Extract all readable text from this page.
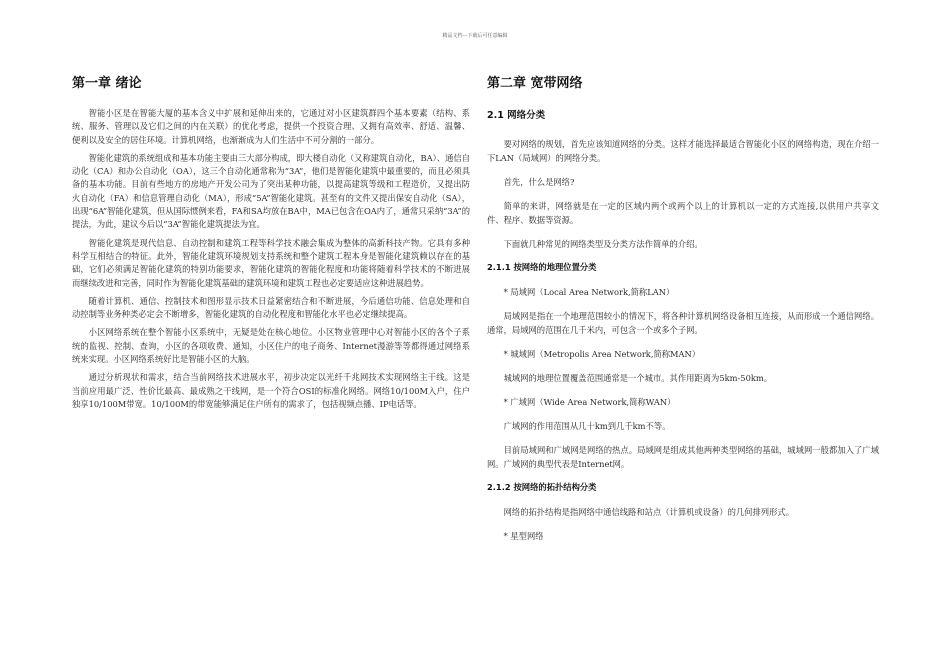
精品文档---下载后可任意编辑
第一章 绪论

智能小区是在智能大厦的基本含义中扩展和延伸出来的，它通过对小区建筑群四个基本要素（结构、系统、服务、管理以及它们之间的内在关联）的优化考虑，提供一个投资合理、又拥有高效率、舒适、温馨、便利以及安全的居住环境。计算机网络，也渐渐成为人们生活中不可分割的一部分。

智能化建筑的系统组成和基本功能主要由三大部分构成，即大楼自动化（又称建筑自动化，BA）、通信自动化（CA）和办公自动化（OA），这三个自动化通常称为“3A”，他们是智能化建筑中最重要的，而且必须具备的基本功能。目前有些地方的房地产开发公司为了突出某种功能，以提高建筑等级和工程造价，又提出防火自动化（FA）和信息管理自动化（MA），形成“5A”智能化建筑。甚至有的文件又提出保安自动化（SA），出现“6A”智能化建筑，但从国际惯例来看，FA和SA均放在BA中，MA已包含在OA内了，通常只采纳“3A”的提法，为此，建议今后以“3A”智能化建筑提法为宜。

智能化建筑是现代信息、自动控制和建筑工程等科学技术融会集成为整体的高新科技产物。它具有多种科学互相结合的特征。此外，智能化建筑环境规划支持系统和整个建筑工程本身是智能化建筑赖以存在的基础，它们必须满足智能化建筑的特别功能要求，智能化建筑的智能化程度和功能将随着科学技术的不断进展而继续改进和完善，同时作为智能化建筑基础的建筑环境和建筑工程也必定要适应这种进展趋势。

随着计算机、通信、控制技术和图形显示技术日益紧密结合和不断进展，今后通信功能、信息处理和自动控制等业务种类必定会不断增多，智能化建筑的自动化程度和智能化水平也必定继续提高。

小区网络系统在整个智能小区系统中，无疑是处在核心地位。小区物业管理中心对智能小区的各个子系统的监视、控制、查询，小区的各项收费、通知，小区住户的电子商务、Internet漫游等等都得通过网络系统来实现。小区网络系统好比是智能小区的大脑。

通过分析现状和需求，结合当前网络技术进展水平，初步决定以光纤千兆网技术实现网络主干线。这是当前应用最广泛、性价比最高、最成熟之干线网，是一个符合OSI的标准化网络。网络10/100M入户，住户独享10/100M带宽。10/100M的带宽能够满足住户所有的需求了，包括视频点播、IP电话等。

第二章 宽带网络
2.1 网络分类

要对网络的规划，首先应该知道网络的分类。这样才能选择最适合智能化小区的网络构造，现在介绍一下LAN（局域网）的网络分类。

首先，什么是网络?

简单的来讲，网络就是在一定的区域内两个或两个以上的计算机以一定的方式连接,以供用户共享文件、程序、数据等资源。

下面就几种常见的网络类型及分类方法作简单的介绍。

2.1.1 按网络的地理位置分类

* 局域网（Local Area Network,简称LAN）

局域网是指在一个地理范围较小的情况下，将各种计算机网络设备相互连接，从而形成一个通信网络。通常，局域网的范围在几千米内，可包含一个或多个子网。

* 城域网（Metropolis Area Network,简称MAN）

城域网的地理位置覆盖范围通常是一个城市。其作用距离为5km-50km。

* 广域网（Wide Area Network,简称WAN）

广域网的作用范围从几十km到几千km不等。

目前局域网和广域网是网络的热点。局域网是组成其他两种类型网络的基础，城域网一般都加入了广域网。广域网的典型代表是Internet网。

2.1.2 按网络的拓扑结构分类

网络的拓扑结构是指网络中通信线路和站点（计算机或设备）的几何排列形式。

* 星型网络
